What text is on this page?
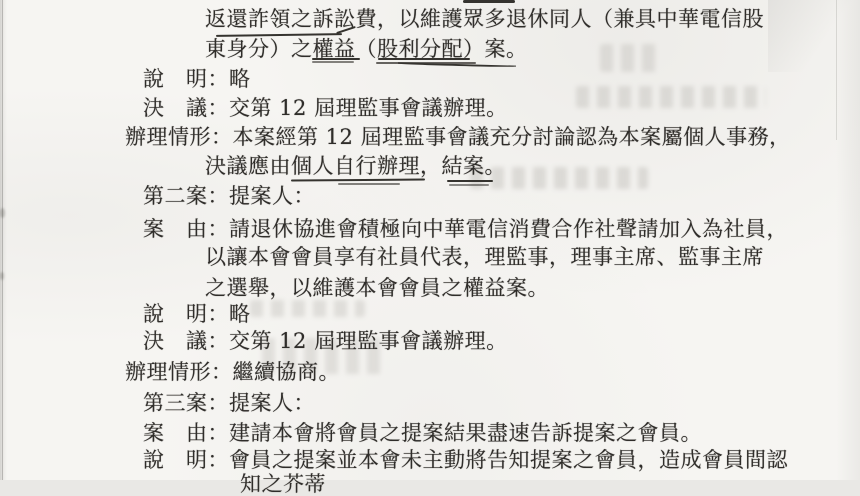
返還詐領之訴訟費，以維護眾多退休同人（兼具中華電信股
東身分）之權益（股利分配）案。
說　明：略
決　議：交第 12 屆理監事會議辦理。
辦理情形：本案經第 12 屆理監事會議充分討論認為本案屬個人事務，
決議應由個人自行辦理，結案。
第二案：提案人：
案　由：請退休協進會積極向中華電信消費合作社聲請加入為社員，
以讓本會會員享有社員代表，理監事，理事主席、監事主席
之選舉，以維護本會會員之權益案。
說　明：略
決　議：交第 12 屆理監事會議辦理。
辦理情形：繼續協商。
第三案：提案人：
案　由：建請本會將會員之提案結果盡速告訴提案之會員。
說　明：會員之提案並本會未主動將告知提案之會員，造成會員間認
知之芥蒂
